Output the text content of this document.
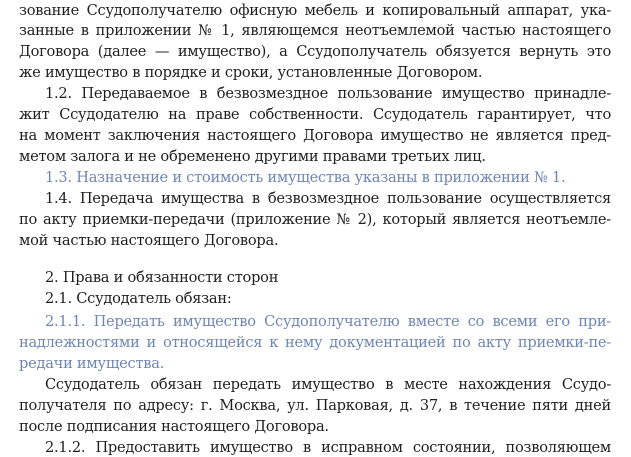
зование Ссудополучателю офисную мебель и копировальный аппарат, ука-
занные в приложении № 1, являющемся неотъемлемой частью настоящего
Договора (далее — имущество), а Ссудополучатель обязуется вернуть это
же имущество в порядке и сроки, установленные Договором.
1.2. Передаваемое в безвозмездное пользование имущество принадле-
жит Ссудодателю на праве собственности. Ссудодатель гарантирует, что
на момент заключения настоящего Договора имущество не является пред-
метом залога и не обременено другими правами третьих лиц.
1.3. Назначение и стоимость имущества указаны в приложении № 1.
1.4. Передача имущества в безвозмездное пользование осуществляется
по акту приемки-передачи (приложение № 2), который является неотъемле-
мой частью настоящего Договора.
2. Права и обязанности сторон
2.1. Ссудодатель обязан:
2.1.1. Передать имущество Ссудополучателю вместе со всеми его при-
надлежностями и относящейся к нему документацией по акту приемки-пе-
редачи имущества.
Ссудодатель обязан передать имущество в месте нахождения Ссудо-
получателя по адресу: г. Москва, ул. Парковая, д. 37, в течение пяти дней
после подписания настоящего Договора.
2.1.2. Предоставить имущество в исправном состоянии, позволяющем
